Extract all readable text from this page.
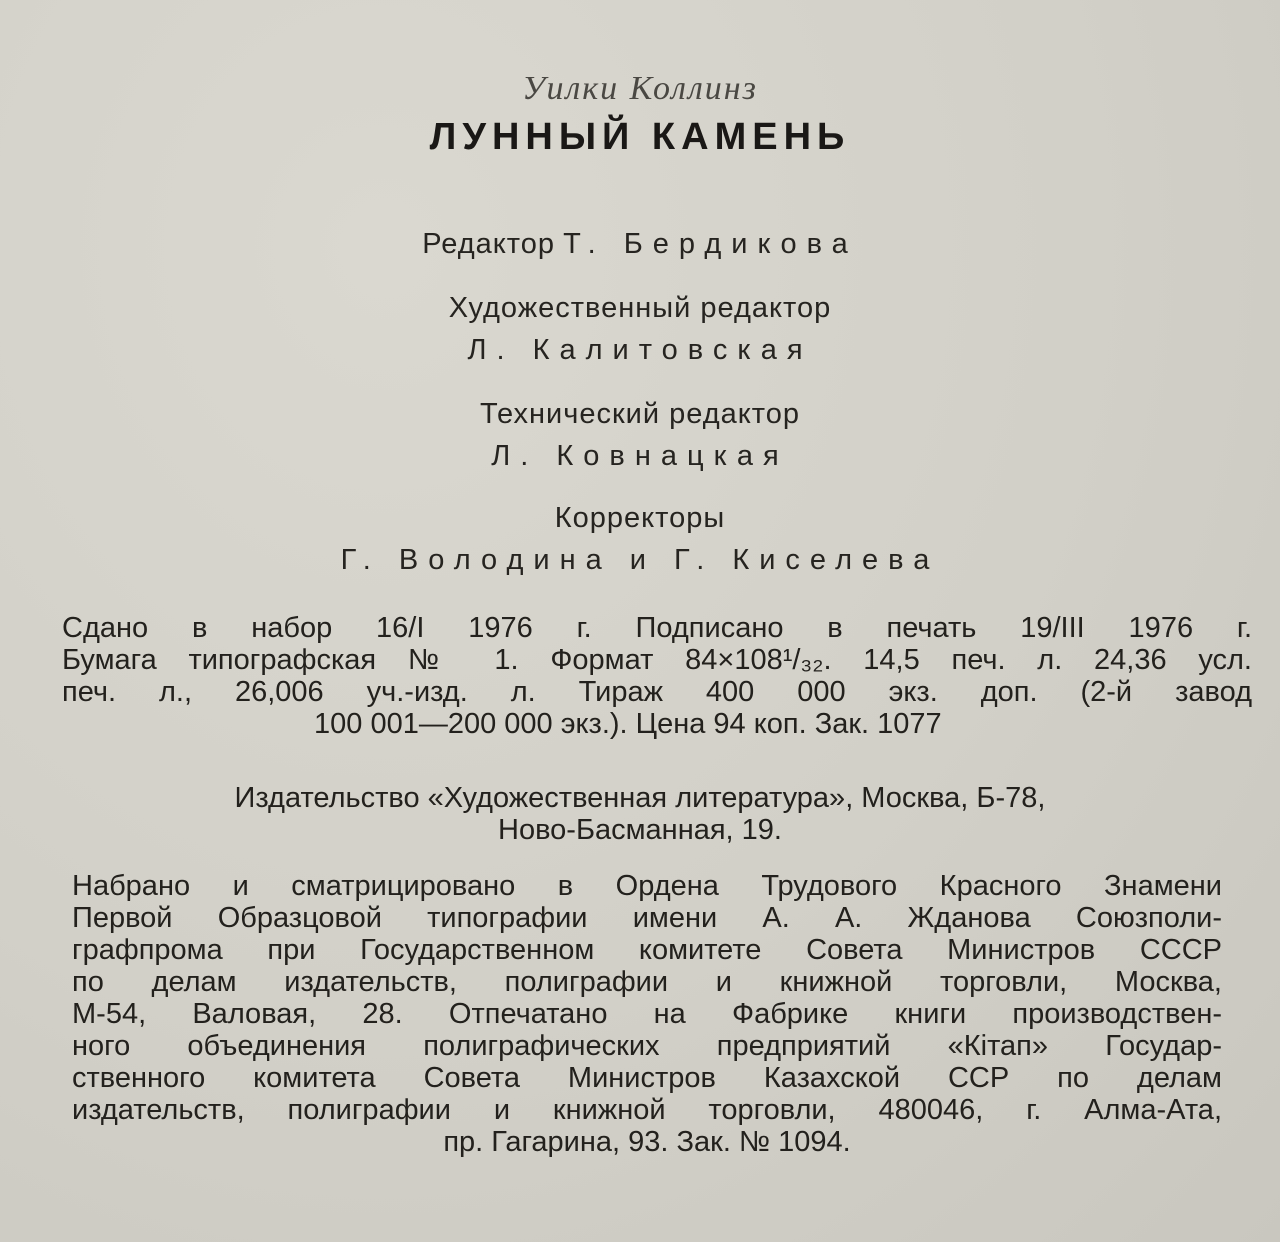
Уилки Коллинз
ЛУННЫЙ КАМЕНЬ
Редактор Т. Бердикова
Художественный редактор
Л. Калитовская
Технический редактор
Л. Ковнацкая
Корректоры
Г. Володина и Г. Киселева
Сдано в набор 16/I 1976 г. Подписано в печать 19/III 1976 г.
Бумага типографская № 1. Формат 84×108¹/₃₂. 14,5 печ. л. 24,36 усл.
печ. л., 26,006 уч.-изд. л. Тираж 400 000 экз. доп. (2-й завод
100 001—200 000 экз.). Цена 94 коп. Зак. 1077
Издательство «Художественная литература», Москва, Б-78,
Ново-Басманная, 19.
Набрано и сматрицировано в Ордена Трудового Красного Знамени
Первой Образцовой типографии имени А. А. Жданова Союзполи-
графпрома при Государственном комитете Совета Министров СССР
по делам издательств, полиграфии и книжной торговли, Москва,
М-54, Валовая, 28. Отпечатано на Фабрике книги производствен-
ного объединения полиграфических предприятий «Кітап» Государ-
ственного комитета Совета Министров Казахской ССР по делам
издательств, полиграфии и книжной торговли, 480046, г. Алма-Ата,
пр. Гагарина, 93. Зак. № 1094.
